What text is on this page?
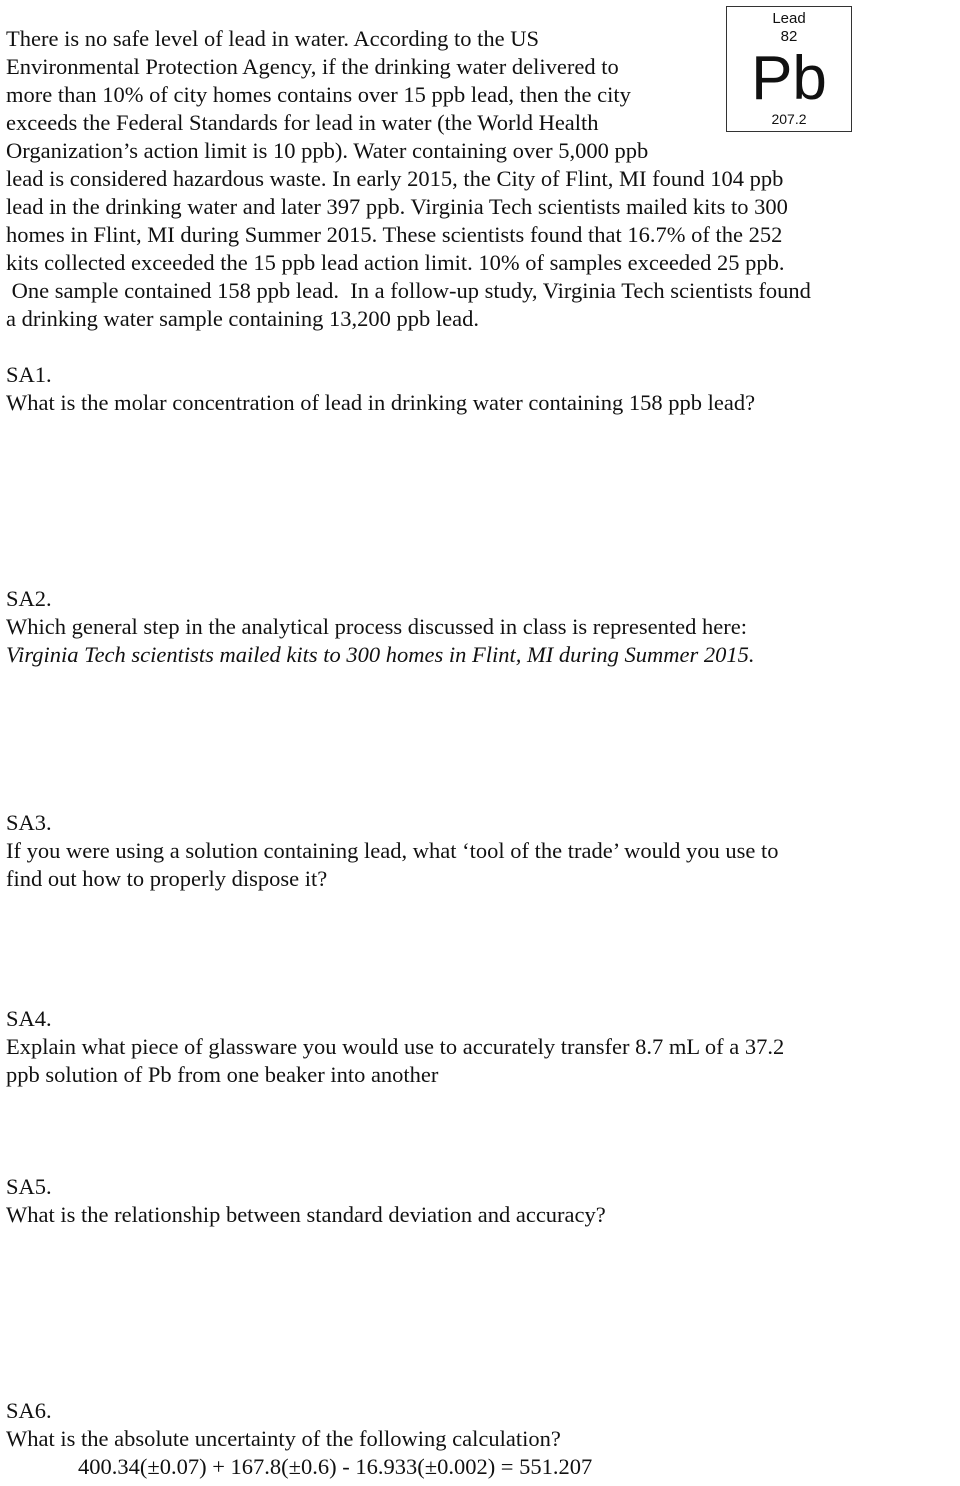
Lead
82
Pb
207.2
There is no safe level of lead in water. According to the US
Environmental Protection Agency, if the drinking water delivered to
more than 10% of city homes contains over 15 ppb lead, then the city
exceeds the Federal Standards for lead in water (the World Health
Organization’s action limit is 10 ppb). Water containing over 5,000 ppb
lead is considered hazardous waste. In early 2015, the City of Flint, MI found 104 ppb
lead in the drinking water and later 397 ppb. Virginia Tech scientists mailed kits to 300
homes in Flint, MI during Summer 2015. These scientists found that 16.7% of the 252
kits collected exceeded the 15 ppb lead action limit. 10% of samples exceeded 25 ppb.
One sample contained 158 ppb lead.  In a follow-up study, Virginia Tech scientists found
a drinking water sample containing 13,200 ppb lead.
SA1.
What is the molar concentration of lead in drinking water containing 158 ppb lead?
SA2.
Which general step in the analytical process discussed in class is represented here:
Virginia Tech scientists mailed kits to 300 homes in Flint, MI during Summer 2015.
SA3.
If you were using a solution containing lead, what ‘tool of the trade’ would you use to
find out how to properly dispose it?
SA4.
Explain what piece of glassware you would use to accurately transfer 8.7 mL of a 37.2
ppb solution of Pb from one beaker into another
SA5.
What is the relationship between standard deviation and accuracy?
SA6.
What is the absolute uncertainty of the following calculation?
400.34(±0.07) + 167.8(±0.6) - 16.933(±0.002) = 551.207
